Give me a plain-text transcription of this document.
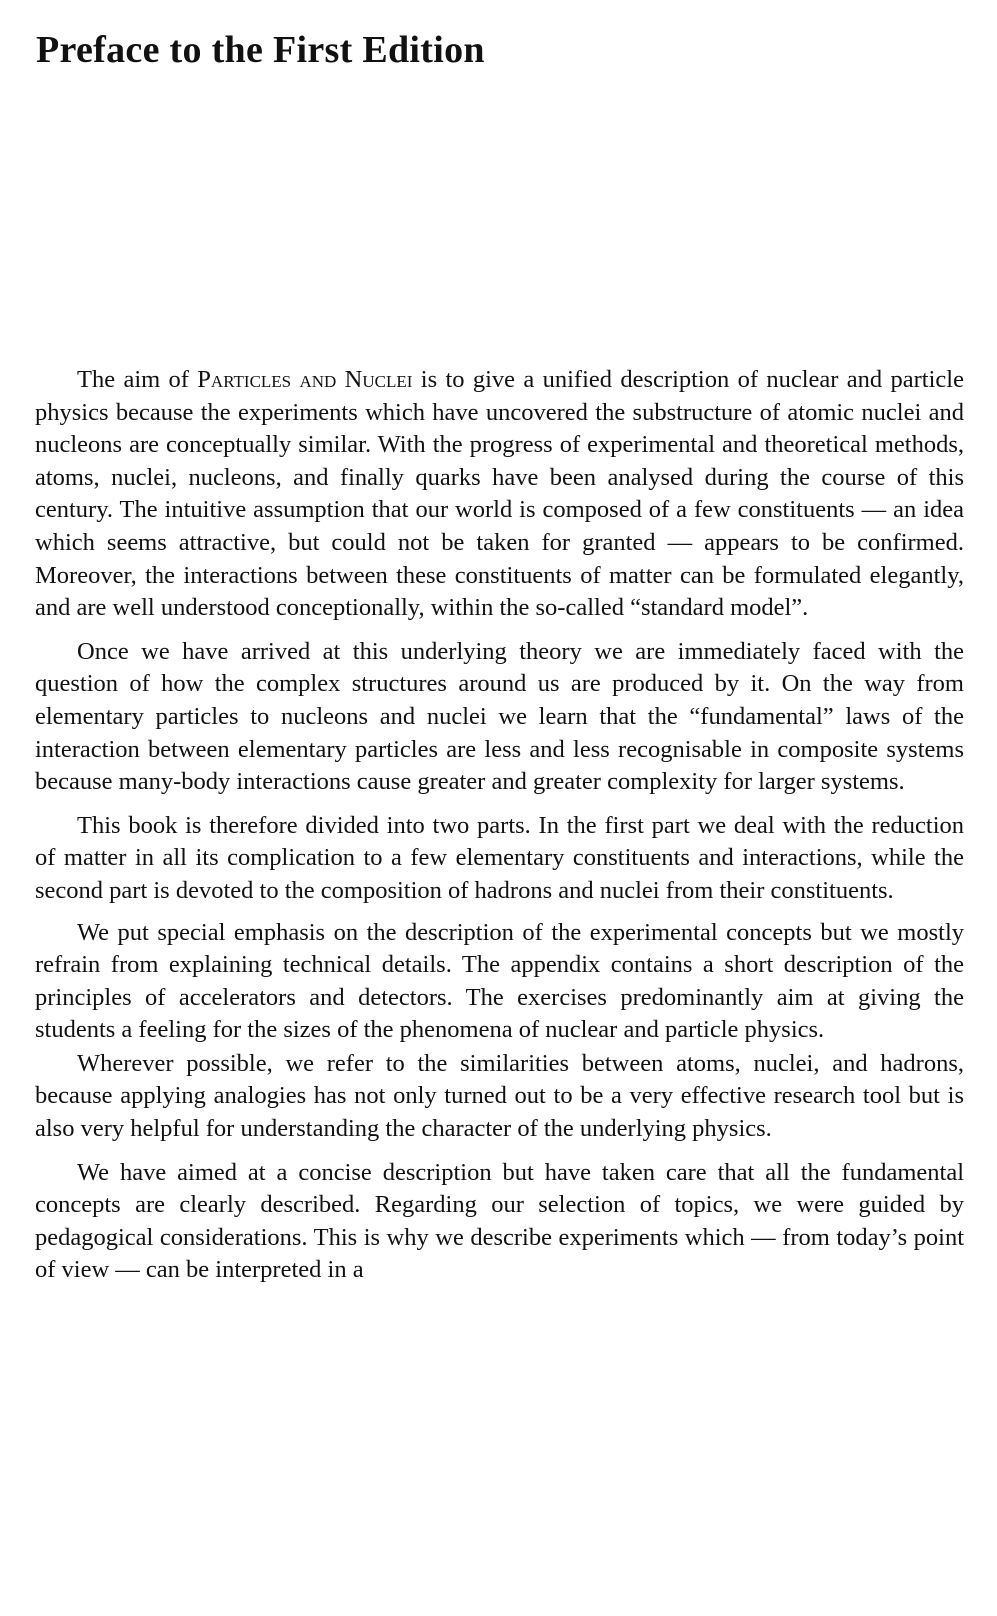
Preface to the First Edition

The aim of Particles and Nuclei is to give a unified description of nuclear and particle physics because the experiments which have uncovered the substructure of atomic nuclei and nucleons are conceptually similar. With the progress of experimental and theoretical methods, atoms, nuclei, nucleons, and finally quarks have been analysed during the course of this century. The intuitive assumption that our world is composed of a few constituents — an idea which seems attractive, but could not be taken for granted — appears to be confirmed. Moreover, the interactions between these constituents of matter can be formulated elegantly, and are well understood conceptionally, within the so-called “standard model”.

Once we have arrived at this underlying theory we are immediately faced with the question of how the complex structures around us are produced by it. On the way from elementary particles to nucleons and nuclei we learn that the “fundamental” laws of the interaction between elementary particles are less and less recognisable in composite systems because many-body interactions cause greater and greater complexity for larger systems.

This book is therefore divided into two parts. In the first part we deal with the reduction of matter in all its complication to a few elementary constituents and interactions, while the second part is devoted to the composition of hadrons and nuclei from their constituents.

We put special emphasis on the description of the experimental concepts but we mostly refrain from explaining technical details. The appendix contains a short description of the principles of accelerators and detectors. The exercises predominantly aim at giving the students a feeling for the sizes of the phenomena of nuclear and particle physics.

Wherever possible, we refer to the similarities between atoms, nuclei, and hadrons, because applying analogies has not only turned out to be a very effective research tool but is also very helpful for understanding the character of the underlying physics.

We have aimed at a concise description but have taken care that all the fundamental concepts are clearly described. Regarding our selection of topics, we were guided by pedagogical considerations. This is why we describe experiments which — from today’s point of view — can be interpreted in a
